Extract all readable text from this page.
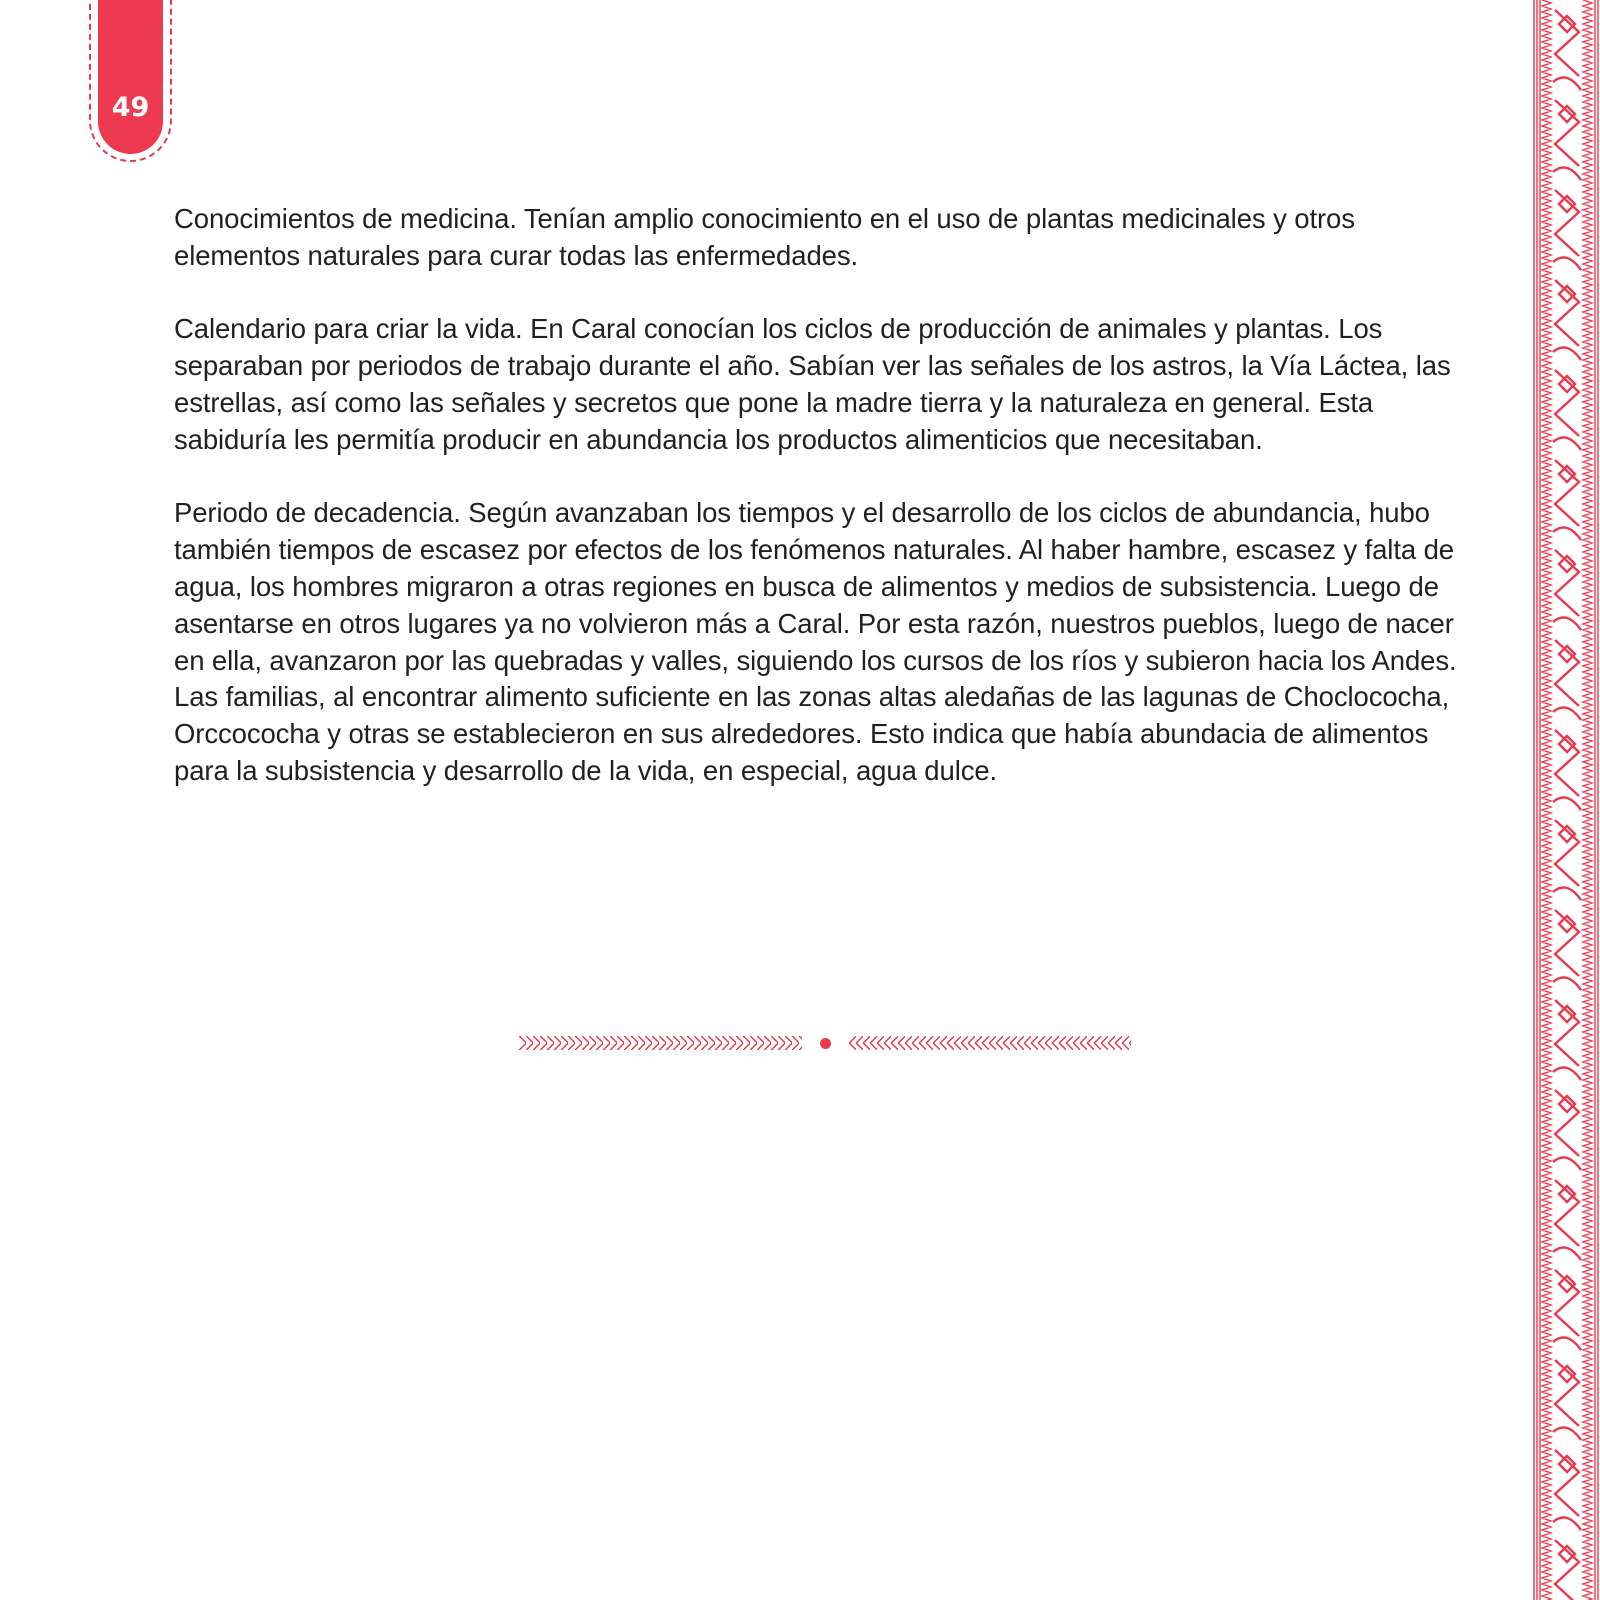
49

Conocimientos de medicina. Tenían amplio conocimiento en el uso de plantas medicinales y otros elementos naturales para curar todas las enfermedades.

Calendario para criar la vida. En Caral conocían los ciclos de producción de animales y plantas. Los separaban por periodos de trabajo durante el año. Sabían ver las señales de los astros, la Vía Láctea, las estrellas, así como las señales y secretos que pone la madre tierra y la naturaleza en general. Esta sabiduría les permitía producir en abundancia los productos alimenticios que necesitaban.

Periodo de decadencia. Según avanzaban los tiempos y el desarrollo de los ciclos de abundancia, hubo también tiempos de escasez por efectos de los fenómenos naturales. Al haber hambre, escasez y falta de agua, los hombres migraron a otras regiones en busca de alimentos y medios de subsistencia. Luego de asentarse en otros lugares ya no volvieron más a Caral. Por esta razón, nuestros pueblos, luego de nacer en ella, avanzaron por las quebradas y valles, siguiendo los cursos de los ríos y subieron hacia los Andes. Las familias, al encontrar alimento suficiente en las zonas altas aledañas de las lagunas de Choclococha, Orccococha y otras se establecieron en sus alrededores. Esto indica que había abundacia de alimentos para la subsistencia y desarrollo de la vida, en especial, agua dulce.
